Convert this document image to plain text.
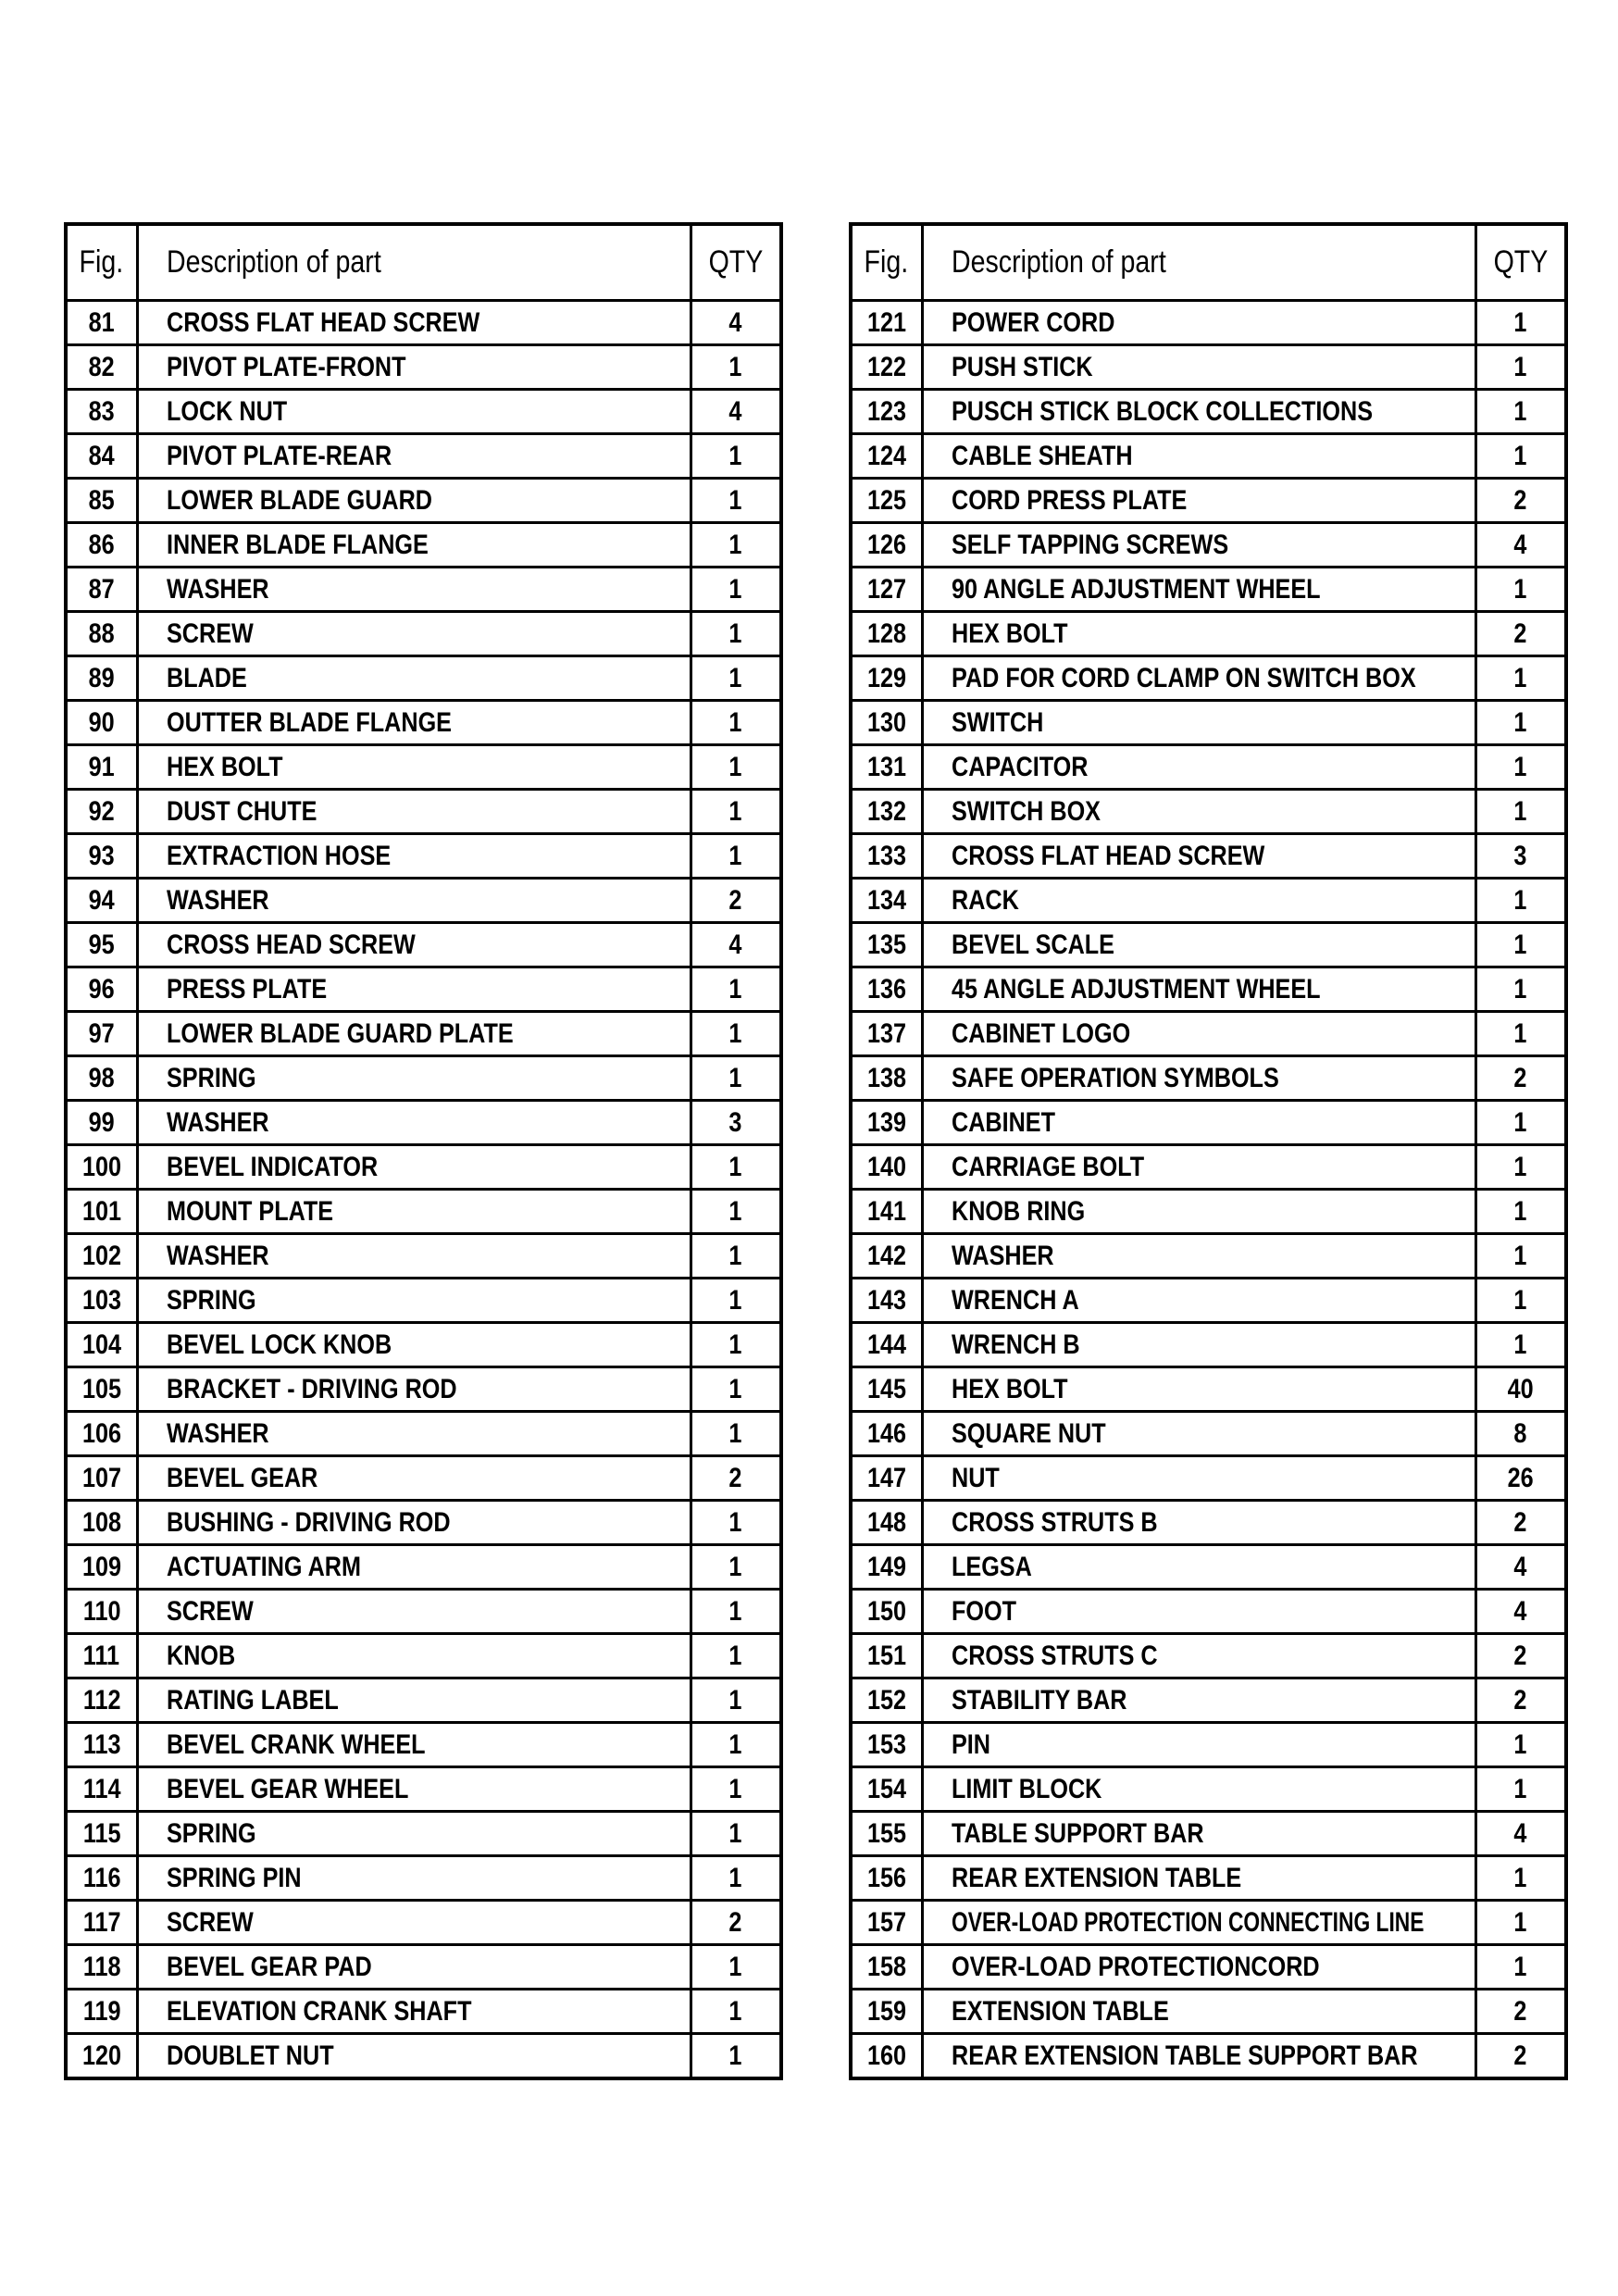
Fig.	Description of part	QTY
81	CROSS FLAT HEAD SCREW	4
82	PIVOT PLATE-FRONT	1
83	LOCK NUT	4
84	PIVOT PLATE-REAR	1
85	LOWER BLADE GUARD	1
86	INNER BLADE FLANGE	1
87	WASHER	1
88	SCREW	1
89	BLADE	1
90	OUTTER BLADE FLANGE	1
91	HEX BOLT	1
92	DUST CHUTE	1
93	EXTRACTION HOSE	1
94	WASHER	2
95	CROSS HEAD SCREW	4
96	PRESS PLATE	1
97	LOWER BLADE GUARD PLATE	1
98	SPRING	1
99	WASHER	3
100	BEVEL INDICATOR	1
101	MOUNT PLATE	1
102	WASHER	1
103	SPRING	1
104	BEVEL LOCK KNOB	1
105	BRACKET - DRIVING ROD	1
106	WASHER	1
107	BEVEL GEAR	2
108	BUSHING - DRIVING ROD	1
109	ACTUATING ARM	1
110	SCREW	1
111	KNOB	1
112	RATING LABEL	1
113	BEVEL CRANK WHEEL	1
114	BEVEL GEAR WHEEL	1
115	SPRING	1
116	SPRING PIN	1
117	SCREW	2
118	BEVEL GEAR PAD	1
119	ELEVATION CRANK SHAFT	1
120	DOUBLET NUT	1
Fig.	Description of part	QTY
121	POWER CORD	1
122	PUSH STICK	1
123	PUSCH STICK BLOCK COLLECTIONS	1
124	CABLE SHEATH	1
125	CORD PRESS PLATE	2
126	SELF TAPPING SCREWS	4
127	90 ANGLE ADJUSTMENT WHEEL	1
128	HEX BOLT	2
129	PAD FOR CORD CLAMP ON SWITCH BOX	1
130	SWITCH	1
131	CAPACITOR	1
132	SWITCH BOX	1
133	CROSS FLAT HEAD SCREW	3
134	RACK	1
135	BEVEL SCALE	1
136	45 ANGLE ADJUSTMENT WHEEL	1
137	CABINET LOGO	1
138	SAFE OPERATION SYMBOLS	2
139	CABINET	1
140	CARRIAGE BOLT	1
141	KNOB RING	1
142	WASHER	1
143	WRENCH A	1
144	WRENCH B	1
145	HEX BOLT	40
146	SQUARE NUT	8
147	NUT	26
148	CROSS STRUTS B	2
149	LEGSA	4
150	FOOT	4
151	CROSS STRUTS C	2
152	STABILITY BAR	2
153	PIN	1
154	LIMIT BLOCK	1
155	TABLE SUPPORT BAR	4
156	REAR EXTENSION TABLE	1
157	OVER-LOAD PROTECTION CONNECTING LINE	1
158	OVER-LOAD PROTECTIONCORD	1
159	EXTENSION TABLE	2
160	REAR EXTENSION TABLE SUPPORT BAR	2
